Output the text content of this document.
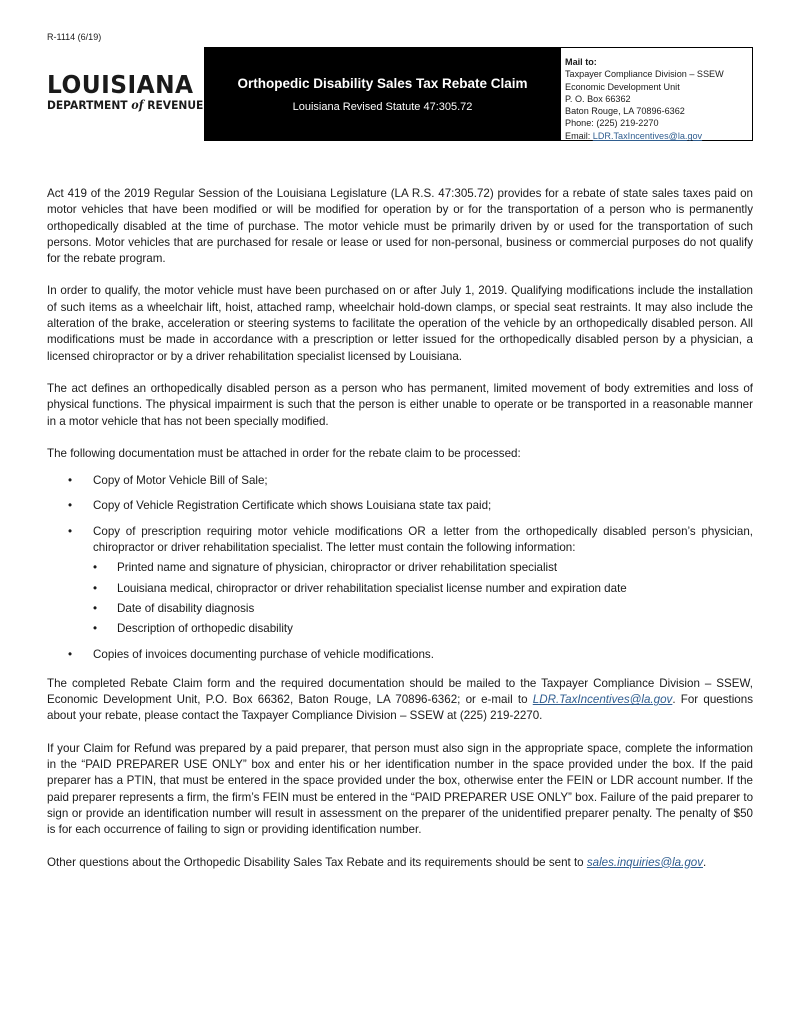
R-1114 (6/19)
LOUISIANA
DEPARTMENT of REVENUE
Orthopedic Disability Sales Tax Rebate Claim
Louisiana Revised Statute 47:305.72
Mail to:
Taxpayer Compliance Division – SSEW
Economic Development Unit
P. O. Box 66362
Baton Rouge, LA 70896-6362
Phone: (225) 219-2270
Email: LDR.TaxIncentives@la.gov

Act 419 of the 2019 Regular Session of the Louisiana Legislature (LA R.S. 47:305.72) provides for a rebate of state sales taxes paid on motor vehicles that have been modified or will be modified for operation by or for the transportation of a person who is permanently orthopedically disabled at the time of purchase. The motor vehicle must be primarily driven by or used for the transportation of such persons. Motor vehicles that are purchased for resale or lease or used for non-personal, business or commercial purposes do not qualify for the rebate program.

In order to qualify, the motor vehicle must have been purchased on or after July 1, 2019. Qualifying modifications include the installation of such items as a wheelchair lift, hoist, attached ramp, wheelchair hold-down clamps, or special seat restraints. It may also include the alteration of the brake, acceleration or steering systems to facilitate the operation of the vehicle by an orthopedically disabled person. All modifications must be made in accordance with a prescription or letter issued for the orthopedically disabled person by a physician, a licensed chiropractor or by a driver rehabilitation specialist licensed by Louisiana.

The act defines an orthopedically disabled person as a person who has permanent, limited movement of body extremities and loss of physical functions. The physical impairment is such that the person is either unable to operate or be transported in a reasonable manner in a motor vehicle that has not been specially modified.

The following documentation must be attached in order for the rebate claim to be processed:

• Copy of Motor Vehicle Bill of Sale;
• Copy of Vehicle Registration Certificate which shows Louisiana state tax paid;
• Copy of prescription requiring motor vehicle modifications OR a letter from the orthopedically disabled person’s physician, chiropractor or driver rehabilitation specialist. The letter must contain the following information:
• Printed name and signature of physician, chiropractor or driver rehabilitation specialist
• Louisiana medical, chiropractor or driver rehabilitation specialist license number and expiration date
• Date of disability diagnosis
• Description of orthopedic disability
• Copies of invoices documenting purchase of vehicle modifications.

The completed Rebate Claim form and the required documentation should be mailed to the Taxpayer Compliance Division – SSEW, Economic Development Unit, P.O. Box 66362, Baton Rouge, LA 70896-6362; or e-mail to LDR.TaxIncentives@la.gov. For questions about your rebate, please contact the Taxpayer Compliance Division – SSEW at (225) 219-2270.

If your Claim for Refund was prepared by a paid preparer, that person must also sign in the appropriate space, complete the information in the “PAID PREPARER USE ONLY” box and enter his or her identification number in the space provided under the box. If the paid preparer has a PTIN, that must be entered in the space provided under the box, otherwise enter the FEIN or LDR account number. If the paid preparer represents a firm, the firm’s FEIN must be entered in the “PAID PREPARER USE ONLY” box. Failure of the paid preparer to sign or provide an identification number will result in assessment on the preparer of the unidentified preparer penalty. The penalty of $50 is for each occurrence of failing to sign or providing identification number.

Other questions about the Orthopedic Disability Sales Tax Rebate and its requirements should be sent to sales.inquiries@la.gov.
